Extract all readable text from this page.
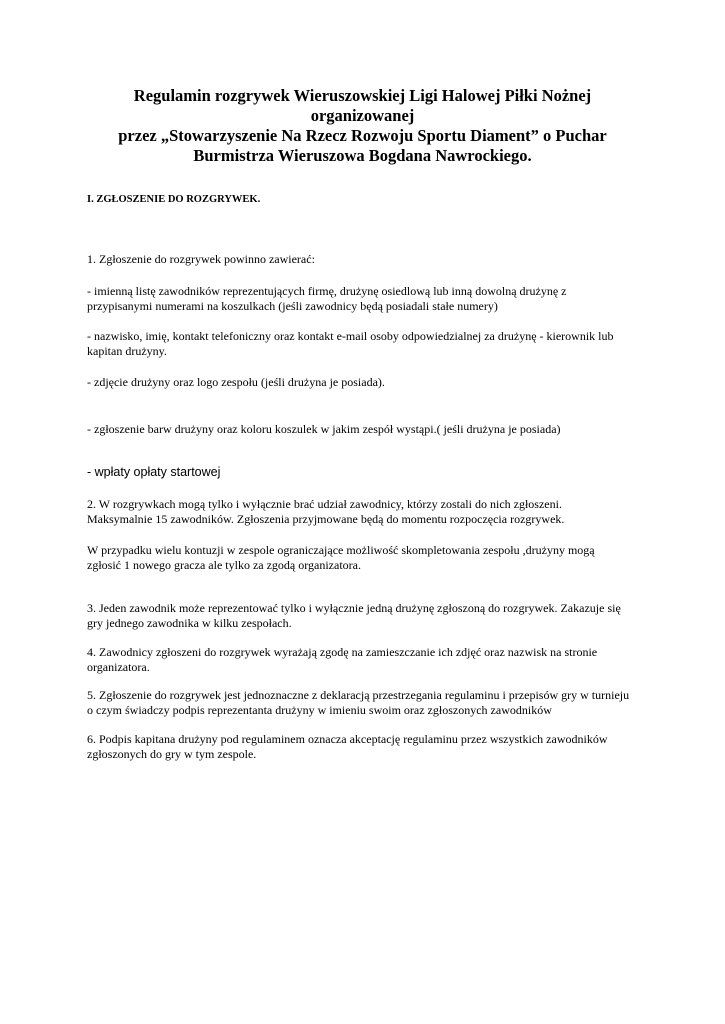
Regulamin rozgrywek Wieruszowskiej Ligi Halowej Piłki Nożnej organizowanej
przez „Stowarzyszenie Na Rzecz Rozwoju Sportu Diament” o Puchar
Burmistrza Wieruszowa Bogdana Nawrockiego.
I. ZGŁOSZENIE DO ROZGRYWEK.
1. Zgłoszenie do rozgrywek powinno zawierać:
- imienną listę zawodników reprezentujących firmę, drużynę osiedlową lub inną dowolną drużynę z
przypisanymi numerami na koszulkach (jeśli zawodnicy będą posiadali stałe numery)
- nazwisko, imię, kontakt telefoniczny oraz kontakt e-mail osoby odpowiedzialnej za drużynę - kierownik lub
kapitan drużyny.
- zdjęcie drużyny oraz logo zespołu (jeśli drużyna je posiada).
- zgłoszenie barw drużyny oraz koloru koszulek w jakim zespół wystąpi.( jeśli drużyna je posiada)
- wpłaty opłaty startowej
2. W rozgrywkach mogą tylko i wyłącznie brać udział zawodnicy, którzy zostali do nich zgłoszeni.
Maksymalnie 15 zawodników. Zgłoszenia przyjmowane będą do momentu rozpoczęcia rozgrywek.
W przypadku wielu kontuzji w zespole ograniczające możliwość skompletowania zespołu ,drużyny mogą
zgłosić 1 nowego gracza ale tylko za zgodą organizatora.
3. Jeden zawodnik może reprezentować tylko i wyłącznie jedną drużynę zgłoszoną do rozgrywek. Zakazuje się
gry jednego zawodnika w kilku zespołach.
4. Zawodnicy zgłoszeni do rozgrywek wyrażają zgodę na zamieszczanie ich zdjęć oraz nazwisk na stronie
organizatora.
5. Zgłoszenie do rozgrywek jest jednoznaczne z deklaracją przestrzegania regulaminu i przepisów gry w turnieju
o czym świadczy podpis reprezentanta drużyny w imieniu swoim oraz zgłoszonych zawodników
6. Podpis kapitana drużyny pod regulaminem oznacza akceptację regulaminu przez wszystkich zawodników
zgłoszonych do gry w tym zespole.
